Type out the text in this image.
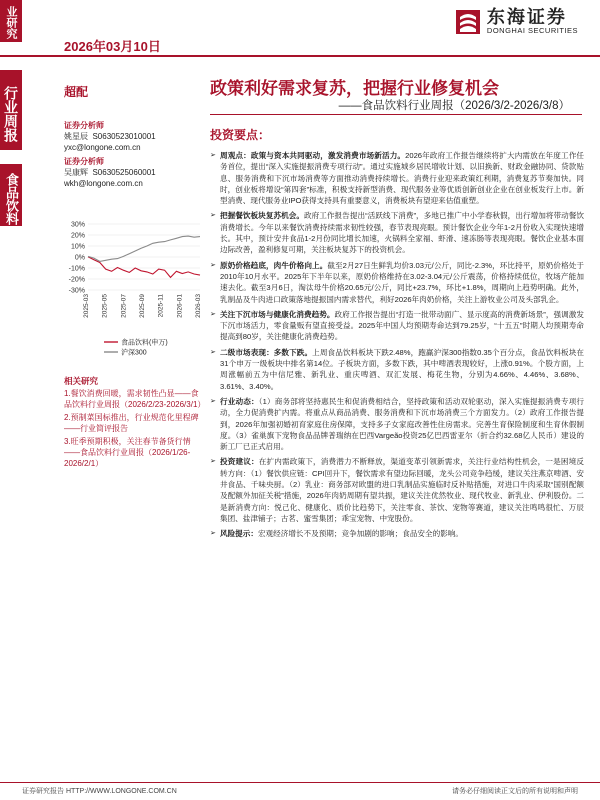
业研究
2026年03月10日
东海证券
DONGHAI SECURITIES
行业周报
食品饮料
超配
证券分析师
姚星辰 S0630523010001
yxc@longone.com.cn
证券分析师
吴康辉 S0630525060001
wkh@longone.com.cn
30%
20%
10%
0%
-10%
-20%
-30%
2025-03 2025-05 2025-07 2025-09 2025-11 2026-01 2026-03
食品饮料(申万)
沪深300
相关研究
1.餐饮消费回暖，需求韧性凸显——食品饮料行业周报（2026/2/23-2026/3/1）
2.预制菜国标推出，行业规范化里程碑——行业简评报告
3.旺季预期积极，关注春节备货行情——食品饮料行业周报（2026/1/26-2026/2/1）
政策利好需求复苏，把握行业修复机会
——食品饮料行业周报（2026/3/2-2026/3/8）
投资要点：
➢ 周观点：政策与资本共同驱动，激发消费市场新活力。2026年政府工作报告继续将扩大内需放在年度工作任务首位，提出“深入实施提振消费专项行动”。通过实施城乡居民增收计划、以旧换新、财政金融协同、贷款贴息、服务消费和下沉市场消费等方面推动消费持续增长。消费行业迎来政策红利期，消费复苏节奏加快。同时，创业板将增设“第四套”标准，积极支持新型消费、现代服务业等优质创新创业企业在创业板发行上市。新型消费、现代服务业IPO获得支持具有重要意义，消费板块有望迎来估值重塑。
➢ 把握餐饮板块复苏机会。政府工作报告提出“活跃线下消费”，多地已推广中小学春秋假，出行增加将带动餐饮消费增长。今年以来餐饮消费持续需求韧性较强，春节表现亮眼。预计餐饮企业今年1-2月份收入实现快速增长。其中，预计安井食品1-2月份同比增长加速，火锅料全家福、虾滑、速冻肠等表现亮眼。餐饮企业基本面边际改善，盈利修复可期，关注板块复苏下的投资机会。
➢ 原奶价格趋底，肉牛价格向上。截至2月27日生鲜乳均价3.03元/公斤，同比-2.3%，环比持平，原奶价格处于2010年10月水平。2025年下半年以来，原奶价格维持在3.02-3.04元/公斤震荡，价格持续低位，牧场产能加速去化。截至3月6日，淘汰母牛价格20.65元/公斤，同比+23.7%，环比+1.8%，周期向上趋势明确。此外，乳制品及牛肉进口政策落地提振国内需求替代，利好2026年肉奶价格，关注上游牧业公司及头部乳企。
➢ 关注下沉市场与健康化消费趋势。政府工作报告提出“打造一批带动面广、显示度高的消费新场景”，强调激发下沉市场活力，零食量贩有望直接受益。2025年中国人均预期寿命达到79.25岁，“十五五”时期人均预期寿命提高到80岁，关注健康化消费趋势。
➢ 二级市场表现：多数下跌。上周食品饮料板块下跌2.48%，跑赢沪深300指数0.35个百分点，食品饮料板块在31个申万一级板块中排名第14位。子板块方面，多数下跌，其中啤酒表现较好，上涨0.91%。个股方面，上周涨幅前五为中信尼雅、新乳业、重庆啤酒、双汇发展、梅花生物，分别为4.66%、4.46%、3.68%、3.61%、3.40%。
➢ 行业动态：（1）商务部将坚持惠民生和促消费相结合，坚持政策和活动双轮驱动，深入实施提振消费专项行动，全力促消费扩内需。将重点从商品消费、服务消费和下沉市场消费三个方面发力。（2）政府工作报告提到，2026年加强初婚初育家庭住房保障，支持多子女家庭改善性住房需求。完善生育保险制度和生育休假制度。（3）雀巢旗下宠物食品品牌普瑞纳在巴西Vargeão投资25亿巴西雷亚尔（折合约32.68亿人民币）建设的新工厂已正式启用。
➢ 投资建议：在扩内需政策下，消费潜力不断释放，渠道变革引领新需求，关注行业结构性机会，一是困境反转方向：（1）餐饮供应链：CPI回升下，餐饮需求有望边际回暖，龙头公司竞争趋缓，建议关注燕京啤酒、安井食品、千味央厨。（2）乳业：商务部对欧盟的进口乳制品实施临时反补贴措施，对进口牛肉采取“国别配额及配额外加征关税”措施，2026年肉奶周期有望共振，建议关注优然牧业、现代牧业、新乳业、伊利股份。二是新消费方向：悦己化、健康化、质价比趋势下，关注零食、茶饮、宠物等赛道，建议关注鸣鸣很忙、万辰集团、盐津铺子；古茗、蜜雪集团；乖宝宠物、中宠股份。
➢ 风险提示：宏观经济增长不及预期；竞争加剧的影响；食品安全的影响。
证券研究报告 HTTP://WWW.LONGONE.COM.CN	请务必仔细阅读正文后的所有说明和声明
